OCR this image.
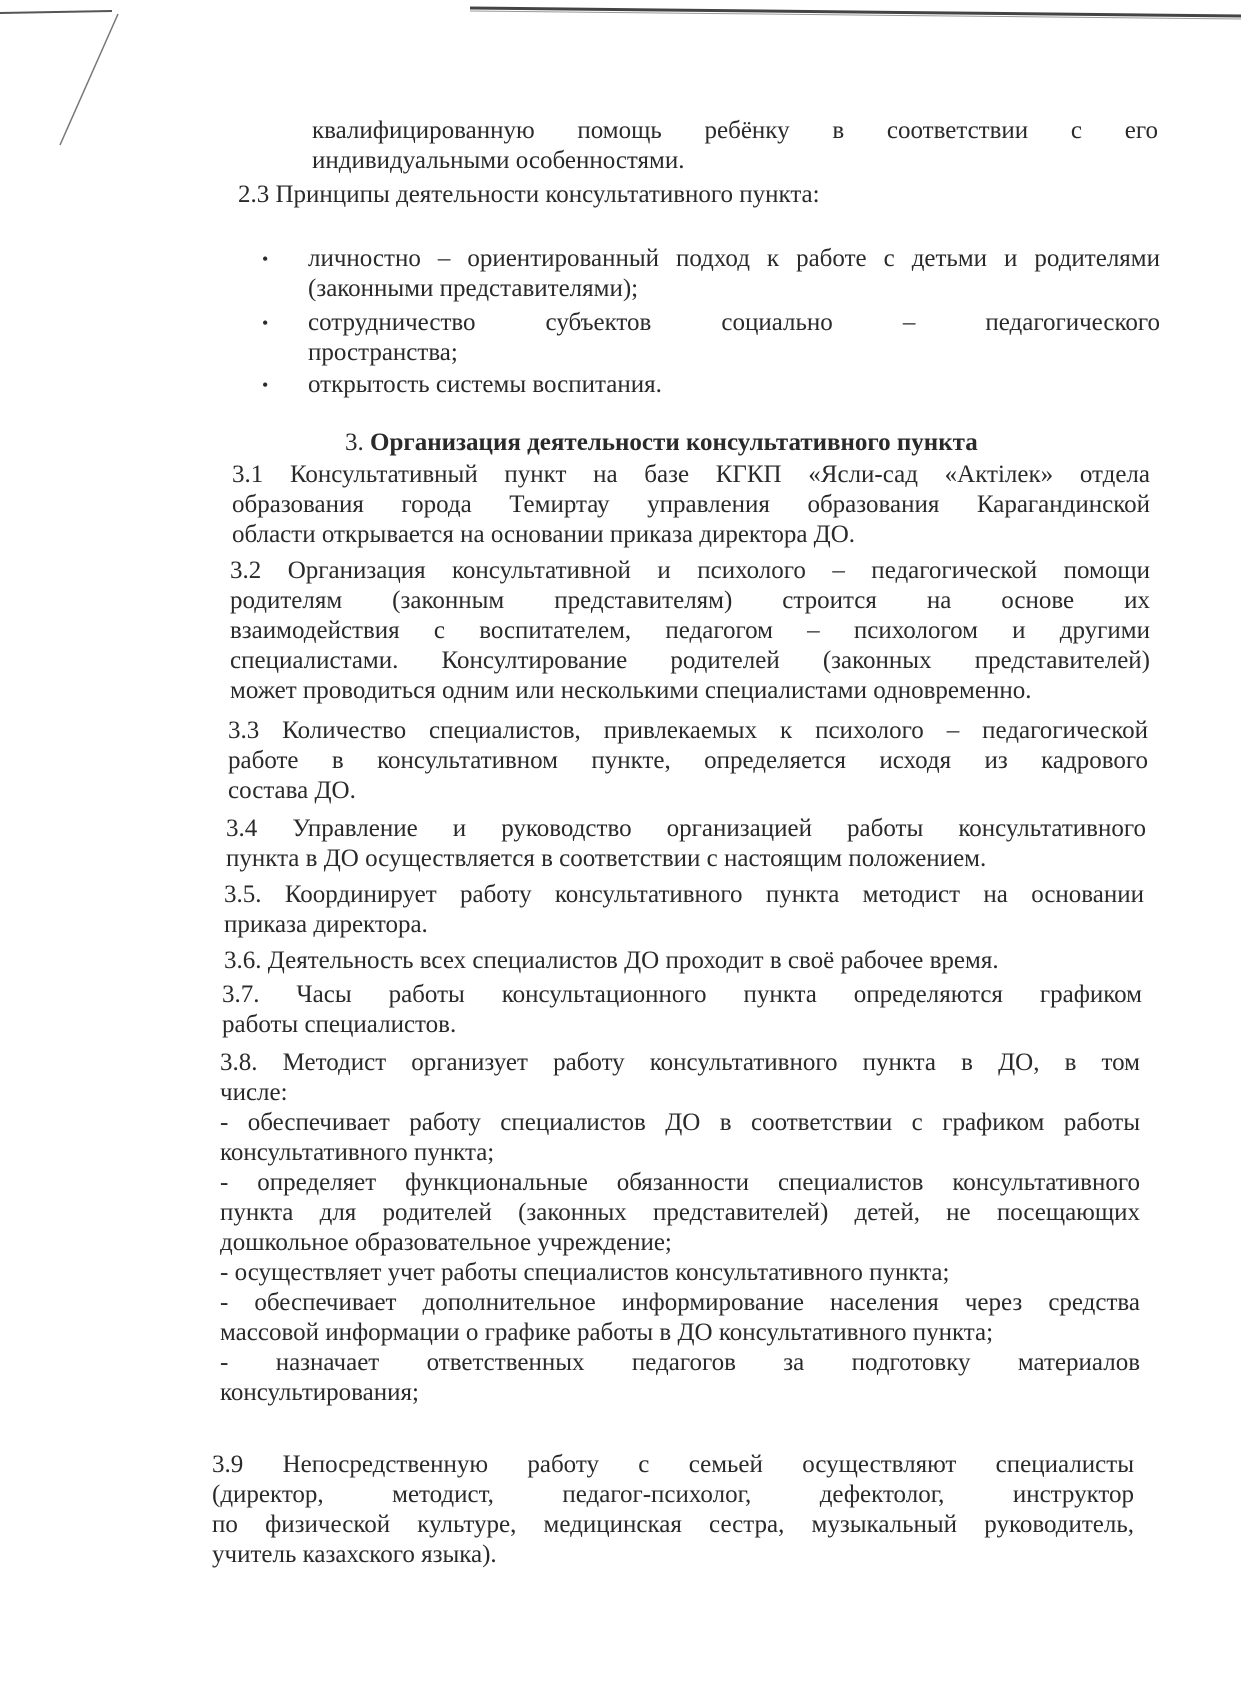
квалифицированную помощь ребёнку в соответствии с его
индивидуальными особенностями.
2.3 Принципы деятельности консультативного пункта:
•	личностно – ориентированный подход к работе с детьми и родителями
(законными представителями);
•	сотрудничество субъектов социально – педагогического
пространства;
•	открытость системы воспитания.
3. Организация деятельности консультативного пункта
3.1 Консультативный пункт на базе КГКП «Ясли-сад «Актілек» отдела
образования города Темиртау управления образования Карагандинской
области открывается на основании приказа директора ДО.
3.2 Организация консультативной и психолого – педагогической помощи
родителям (законным представителям) строится на основе их
взаимодействия с воспитателем, педагогом – психологом и другими
специалистами. Консултирование родителей (законных представителей)
может проводиться одним или несколькими специалистами одновременно.
3.3 Количество специалистов, привлекаемых к психолого – педагогической
работе в консультативном пункте, определяется исходя из кадрового
состава ДО.
3.4 Управление и руководство организацией работы консультативного
пункта в ДО осуществляется в соответствии с настоящим положением.
3.5. Координирует работу консультативного пункта методист на основании
приказа директора.
3.6. Деятельность всех специалистов ДО проходит в своё рабочее время.
3.7. Часы работы консультационного пункта определяются графиком
работы специалистов.
3.8. Методист организует работу консультативного пункта в ДО, в том
числе:
- обеспечивает работу специалистов ДО в соответствии с графиком работы
консультативного пункта;
- определяет функциональные обязанности специалистов консультативного
пункта для родителей (законных представителей) детей, не посещающих
дошкольное образовательное учреждение;
- осуществляет учет работы специалистов консультативного пункта;
- обеспечивает дополнительное информирование населения через средства
массовой информации о графике работы в ДО консультативного пункта;
- назначает ответственных педагогов за подготовку материалов
консультирования;
3.9 Непосредственную работу с семьей осуществляют специалисты
(директор, методист, педагог-психолог, дефектолог, инструктор
по физической культуре, медицинская сестра, музыкальный руководитель,
учитель казахского языка).
